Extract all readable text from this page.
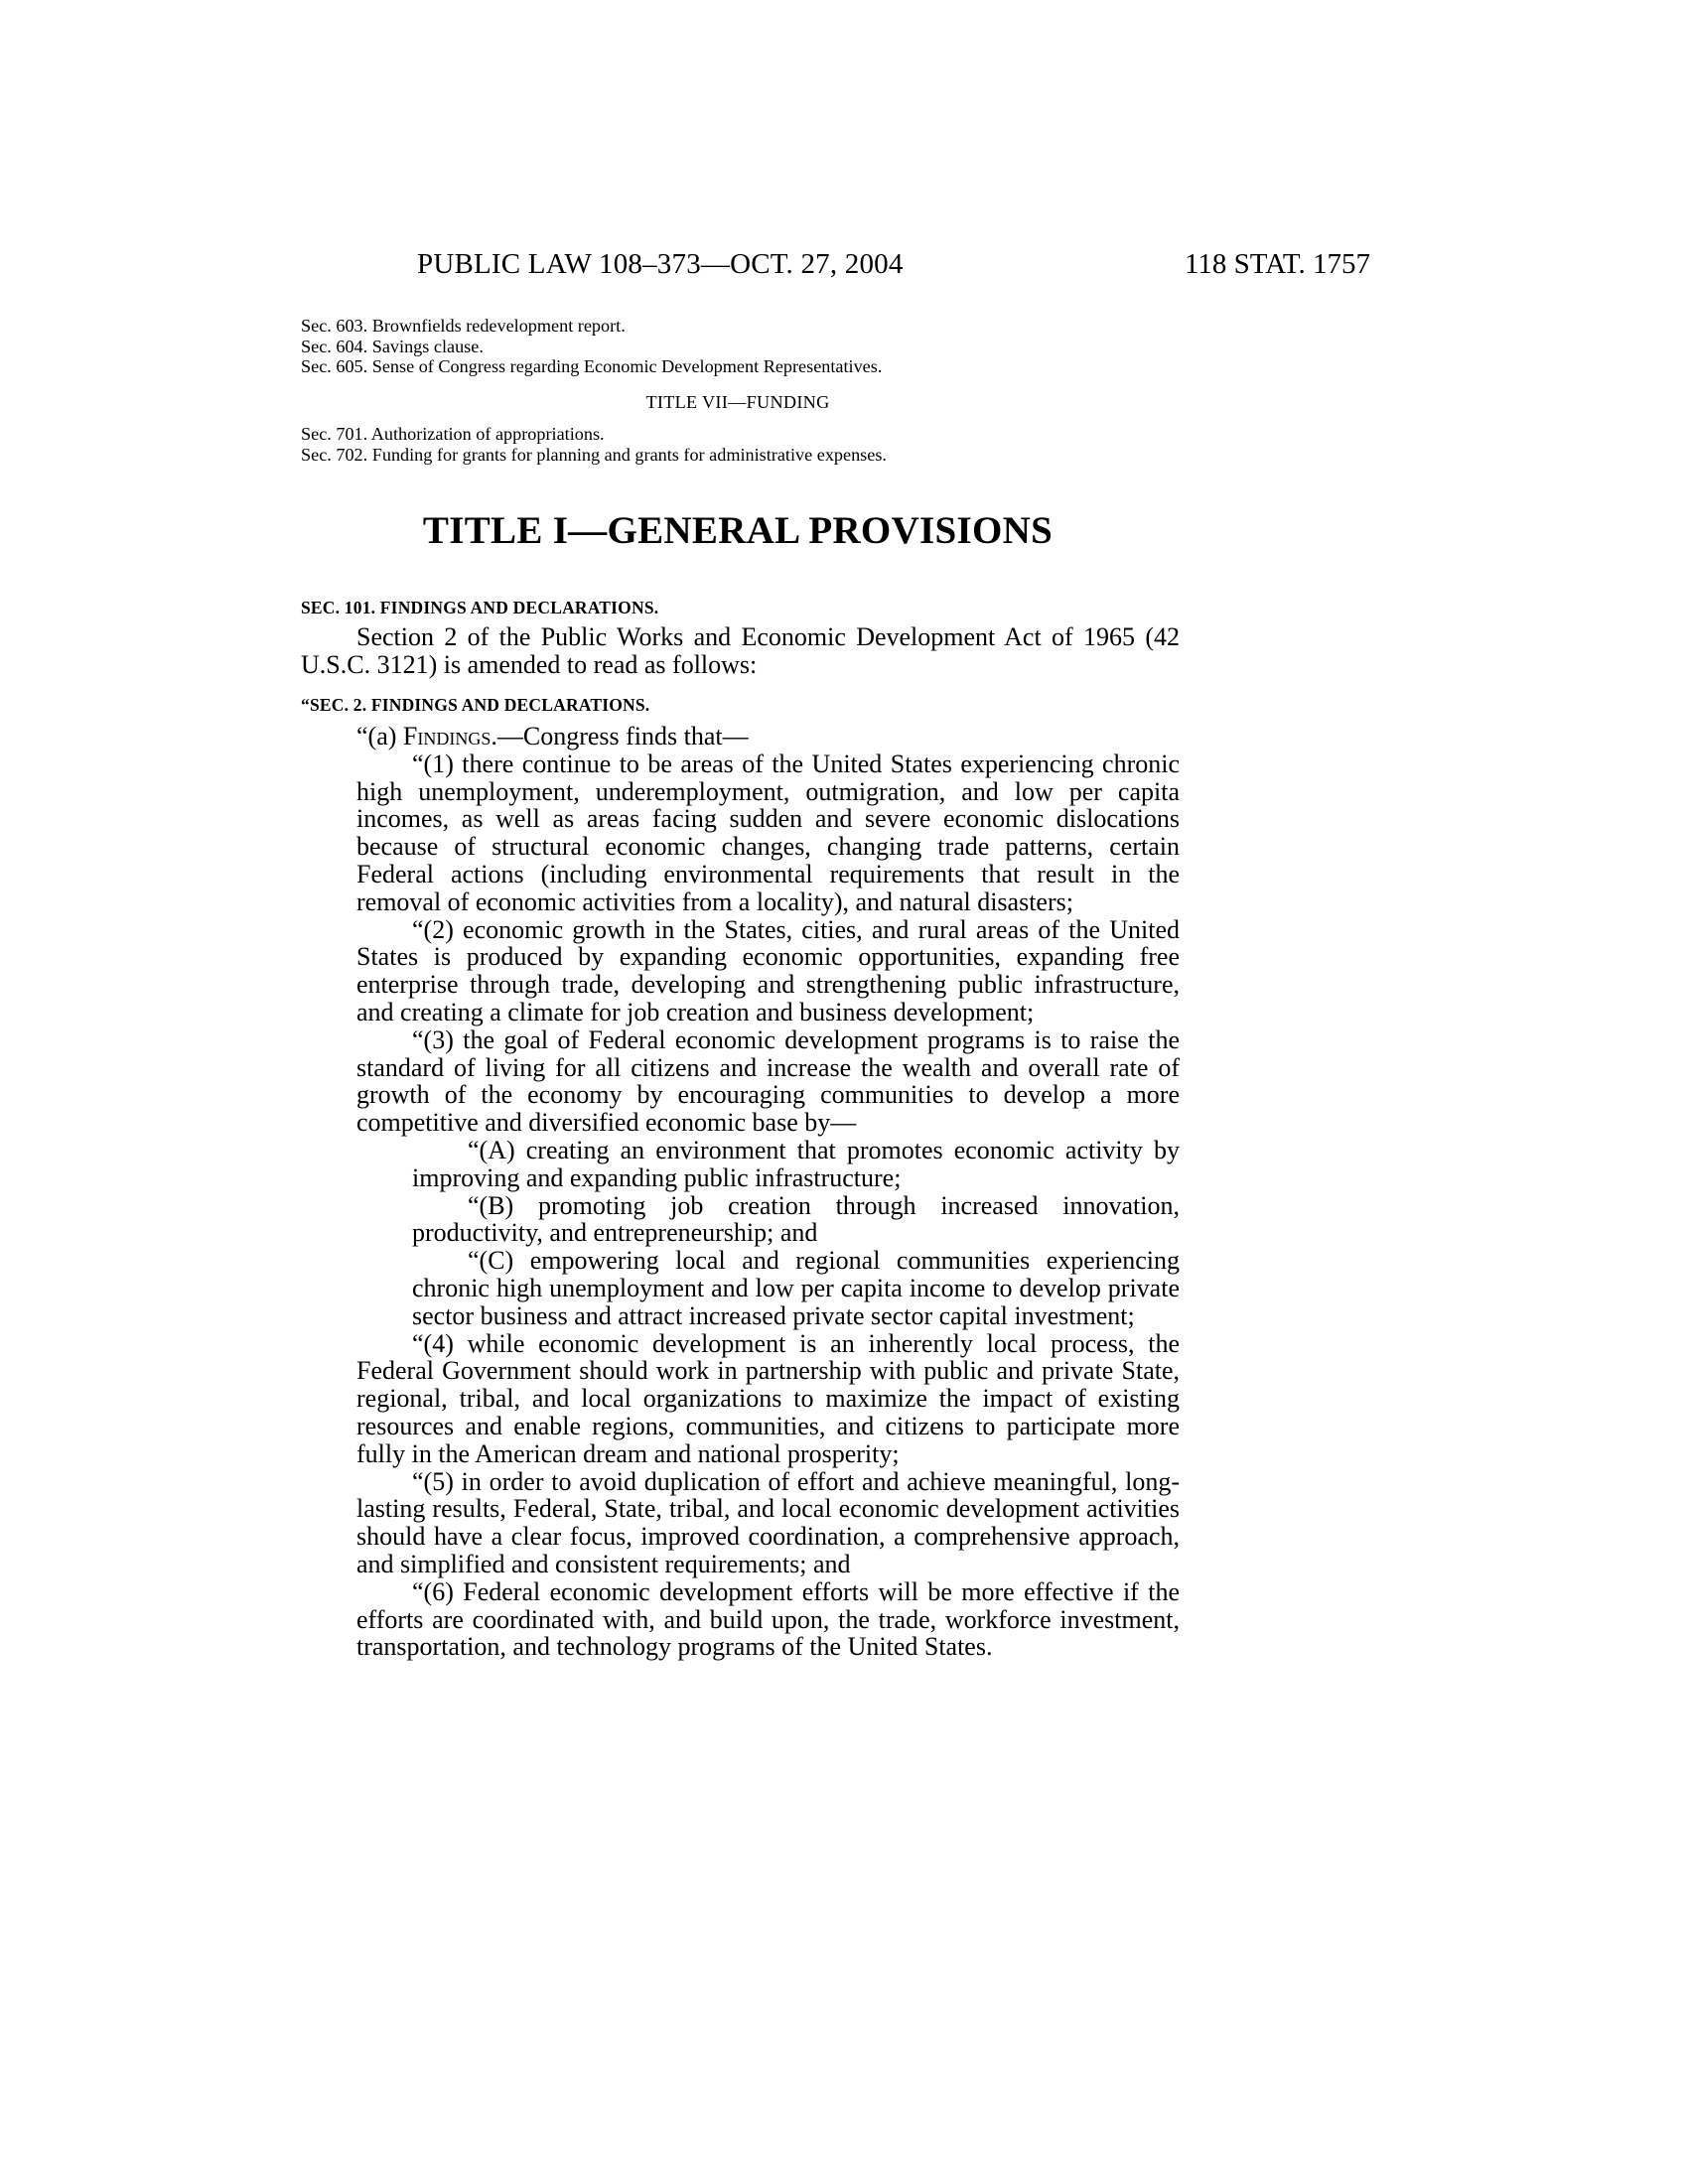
PUBLIC LAW 108–373—OCT. 27, 2004	118 STAT. 1757
Sec. 603. Brownfields redevelopment report.
Sec. 604. Savings clause.
Sec. 605. Sense of Congress regarding Economic Development Representatives.
TITLE VII—FUNDING
Sec. 701. Authorization of appropriations.
Sec. 702. Funding for grants for planning and grants for administrative expenses.
TITLE I—GENERAL PROVISIONS
SEC. 101. FINDINGS AND DECLARATIONS.

Section 2 of the Public Works and Economic Development Act of 1965 (42 U.S.C. 3121) is amended to read as follows:

“SEC. 2. FINDINGS AND DECLARATIONS.

“(a) Findings.—Congress finds that—

“(1) there continue to be areas of the United States experiencing chronic high unemployment, underemployment, outmigration, and low per capita incomes, as well as areas facing sudden and severe economic dislocations because of structural economic changes, changing trade patterns, certain Federal actions (including environmental requirements that result in the removal of economic activities from a locality), and natural disasters;

“(2) economic growth in the States, cities, and rural areas of the United States is produced by expanding economic opportunities, expanding free enterprise through trade, developing and strengthening public infrastructure, and creating a climate for job creation and business development;

“(3) the goal of Federal economic development programs is to raise the standard of living for all citizens and increase the wealth and overall rate of growth of the economy by encouraging communities to develop a more competitive and diversified economic base by—

“(A) creating an environment that promotes economic activity by improving and expanding public infrastructure;

“(B) promoting job creation through increased innovation, productivity, and entrepreneurship; and

“(C) empowering local and regional communities experiencing chronic high unemployment and low per capita income to develop private sector business and attract increased private sector capital investment;

“(4) while economic development is an inherently local process, the Federal Government should work in partnership with public and private State, regional, tribal, and local organizations to maximize the impact of existing resources and enable regions, communities, and citizens to participate more fully in the American dream and national prosperity;

“(5) in order to avoid duplication of effort and achieve meaningful, long-lasting results, Federal, State, tribal, and local economic development activities should have a clear focus, improved coordination, a comprehensive approach, and simplified and consistent requirements; and

“(6) Federal economic development efforts will be more effective if the efforts are coordinated with, and build upon, the trade, workforce investment, transportation, and technology programs of the United States.
